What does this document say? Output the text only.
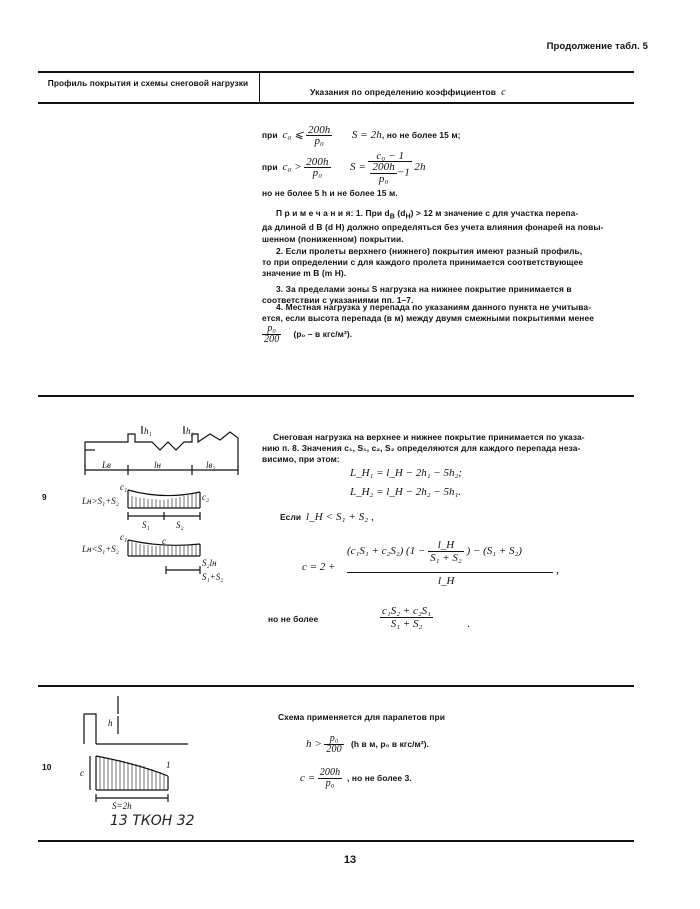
Продолжение табл. 5
Профиль покрытия и схемы снеговой нагрузки
Указания по определению коэффициентов c
при c₀ ⩽ $\frac{200h}{\text{p₀}}$ S = 2h, но не более 15 м;
при $c_0 > \frac{200h}{\text{p₀}}$ $S = \frac{\text{c₀ − 1}}{\frac{200h}{\text{p₀}} -1} 2h$
но не более 5 h и не более 15 м.
П р и м е ч а н и я: 1. При $d_В$ $(d_Н) > 12$ м значение c для участка перепа-
да длиной d В (d Н) должно определяться без учета влияния фонарей на повы-
шенном (пониженном) покрытии.
2. Если пролеты верхнего (нижнего) покрытия имеют разный профиль,
то при определении c для каждого пролета принимается соответствующее
значение m В (m Н).
3. За пределами зоны S нагрузка на нижнее покрытие принимается в
соответствии с указаниями пп. 1–7.
4. Местная нагрузка у перепада по указаниям данного пункта не учитыва-
ется, если высота перепада (в м) между двумя смежными покрытиями менее
$\frac{\text{p₀}}{200} (p_0$ – в кгс/м²).
9
Lв	lн	lв₂
h₁	h₂
Lн>S₁+S₂
Lн<S₁+S₂
c₁
c₂
S₁	S₂
c₁	c
S₂lн
S₁+S₂
Снеговая нагрузка на верхнее и нижнее покрытие принимается по указа-
нию п. 8. Значения c₁, S₁, c₂, S₂ определяются для каждого перепада неза-
висимо, при этом:
L_Н₁ = l_Н − 2h₁ − 5h₂;
L_Н₂ = l_Н − 2h₂ − 5h₁.
Если l_Н < S₁ + S₂ ,
c = 2 +
(c₁S₁ + c₂S₂) ($1 - \frac{l\_Н}{\text{S₁ + S₂}}$ ) − (S₁ + S₂)
l_Н
,
но не более	$\frac{\text{c₁S₂ + c₂S₁}}{\text{S₁ + S₂}}$	.
10
h
c
1
S=2h
13 ТКОН 32
Схема применяется для парапетов при
$h > \frac{\text{p₀}}{200} (h$ в м, p₀ в кгс/м²).
$c = \frac{200h}{\text{p₀}}$ , но не более 3.
13
